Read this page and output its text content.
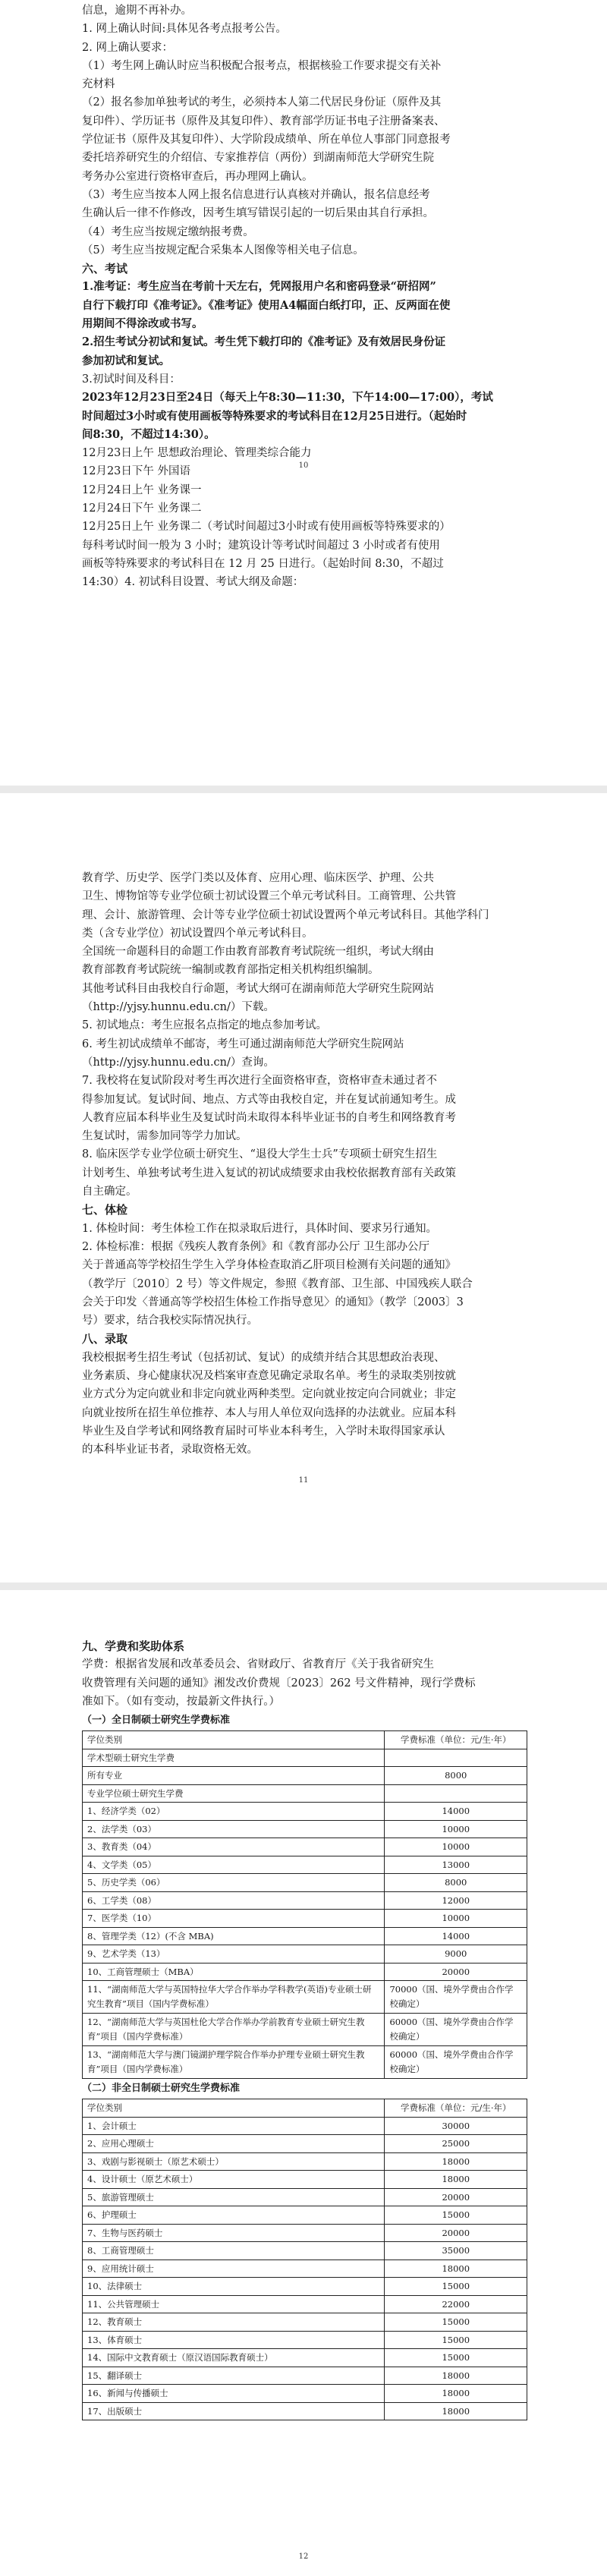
信息，逾期不再补办。

1. 网上确认时间:具体见各考点报考公告。

2. 网上确认要求：

（1）考生网上确认时应当积极配合报考点，根据核验工作要求提交有关补

充材料

（2）报名参加单独考试的考生，必须持本人第二代居民身份证（原件及其

复印件）、学历证书（原件及其复印件）、教育部学历证书电子注册备案表、

学位证书（原件及其复印件）、大学阶段成绩单、所在单位人事部门同意报考

委托培养研究生的介绍信、专家推荐信（两份）到湖南师范大学研究生院

考务办公室进行资格审查后，再办理网上确认。

（3）考生应当按本人网上报名信息进行认真核对并确认，报名信息经考

生确认后一律不作修改，因考生填写错误引起的一切后果由其自行承担。

（4）考生应当按规定缴纳报考费。

（5）考生应当按规定配合采集本人图像等相关电子信息。

六、考试

1.准考证：考生应当在考前十天左右，凭网报用户名和密码登录“研招网”

自行下载打印《准考证》。《准考证》使用A4幅面白纸打印，正、反两面在使

用期间不得涂改或书写。

2.招生考试分初试和复试。考生凭下载打印的《准考证》及有效居民身份证

参加初试和复试。

3.初试时间及科目：

2023年12月23日至24日（每天上午8:30—11:30，下午14:00—17:00），考试

时间超过3小时或有使用画板等特殊要求的考试科目在12月25日进行。（起始时

间8:30，不超过14:30）。

12月23日上午 思想政治理论、管理类综合能力

12月23日下午 外国语

12月24日上午 业务课一

12月24日下午 业务课二

12月25日上午 业务课二（考试时间超过3小时或有使用画板等特殊要求的）

每科考试时间一般为 3 小时；建筑设计等考试时间超过 3 小时或者有使用

画板等特殊要求的考试科目在 12 月 25 日进行。（起始时间 8:30，不超过

14:30）4. 初试科目设置、考试大纲及命题：

10

教育学、历史学、医学门类以及体育、应用心理、临床医学、护理、公共

卫生、博物馆等专业学位硕士初试设置三个单元考试科目。工商管理、公共管

理、会计、旅游管理、会计等专业学位硕士初试设置两个单元考试科目。其他学科门

类（含专业学位）初试设置四个单元考试科目。

全国统一命题科目的命题工作由教育部教育考试院统一组织，考试大纲由

教育部教育考试院统一编制或教育部指定相关机构组织编制。

其他考试科目由我校自行命题，考试大纲可在湖南师范大学研究生院网站

（http://yjsy.hunnu.edu.cn/）下载。

5. 初试地点：考生应报名点指定的地点参加考试。

6. 考生初试成绩单不邮寄，考生可通过湖南师范大学研究生院网站

（http://yjsy.hunnu.edu.cn/）查询。

7. 我校将在复试阶段对考生再次进行全面资格审查，资格审查未通过者不

得参加复试。复试时间、地点、方式等由我校自定，并在复试前通知考生。成

人教育应届本科毕业生及复试时尚未取得本科毕业证书的自考生和网络教育考

生复试时，需参加同等学力加试。

8. 临床医学专业学位硕士研究生、“退役大学生士兵”专项硕士研究生招生

计划考生、单独考试考生进入复试的初试成绩要求由我校依据教育部有关政策

自主确定。

七、体检

1. 体检时间：考生体检工作在拟录取后进行，具体时间、要求另行通知。

2. 体检标准：根据《残疾人教育条例》和《教育部办公厅 卫生部办公厅

关于普通高等学校招生学生入学身体检查取消乙肝项目检测有关问题的通知》

（教学厅〔2010〕2 号）等文件规定，参照《教育部、卫生部、中国残疾人联合

会关于印发〈普通高等学校招生体检工作指导意见〉的通知》（教学〔2003〕3

号）要求，结合我校实际情况执行。

八、录取

我校根据考生招生考试（包括初试、复试）的成绩并结合其思想政治表现、

业务素质、身心健康状况及档案审查意见确定录取名单。考生的录取类别按就

业方式分为定向就业和非定向就业两种类型。定向就业按定向合同就业；非定

向就业按所在招生单位推荐、本人与用人单位双向选择的办法就业。应届本科

毕业生及自学考试和网络教育届时可毕业本科考生，入学时未取得国家承认

的本科毕业证书者，录取资格无效。

11

九、学费和奖助体系

学费：根据省发展和改革委员会、省财政厅、省教育厅《关于我省研究生

收费管理有关问题的通知》湘发改价费规〔2023〕262 号文件精神，现行学费标

准如下。（如有变动，按最新文件执行。）

（一）全日制硕士研究生学费标准
学位类别	学费标准（单位：元/生·年）
学术型硕士研究生学费	
所有专业	8000
专业学位硕士研究生学费	
1、经济学类（02）	14000
2、法学类（03）	10000
3、教育类（04）	10000
4、文学类（05）	13000
5、历史学类（06）	8000
6、工学类（08）	12000
7、医学类（10）	10000
8、管理学类（12）(不含 MBA)	14000
9、艺术学类（13）	9000
10、工商管理硕士（MBA）	20000
11、“湖南师范大学与英国特拉华大学合作举办学科教学(英语)专业硕士研究生教育”项目（国内学费标准）	70000（国、境外学费由合作学校确定）
12、“湖南师范大学与英国杜伦大学合作举办学前教育专业硕士研究生教育”项目（国内学费标准）	60000（国、境外学费由合作学校确定）
13、“湖南师范大学与澳门镜湖护理学院合作举办护理专业硕士研究生教育”项目（国内学费标准）	60000（国、境外学费由合作学校确定）
（二）非全日制硕士研究生学费标准
学位类别	学费标准（单位：元/生·年）
1、会计硕士	30000
2、应用心理硕士	25000
3、戏剧与影视硕士（原艺术硕士）	18000
4、设计硕士（原艺术硕士）	18000
5、旅游管理硕士	20000
6、护理硕士	15000
7、生物与医药硕士	20000
8、工商管理硕士	35000
9、应用统计硕士	18000
10、法律硕士	15000
11、公共管理硕士	22000
12、教育硕士	15000
13、体育硕士	15000
14、国际中文教育硕士（原汉语国际教育硕士）	15000
15、翻译硕士	18000
16、新闻与传播硕士	18000
17、出版硕士	18000
12
